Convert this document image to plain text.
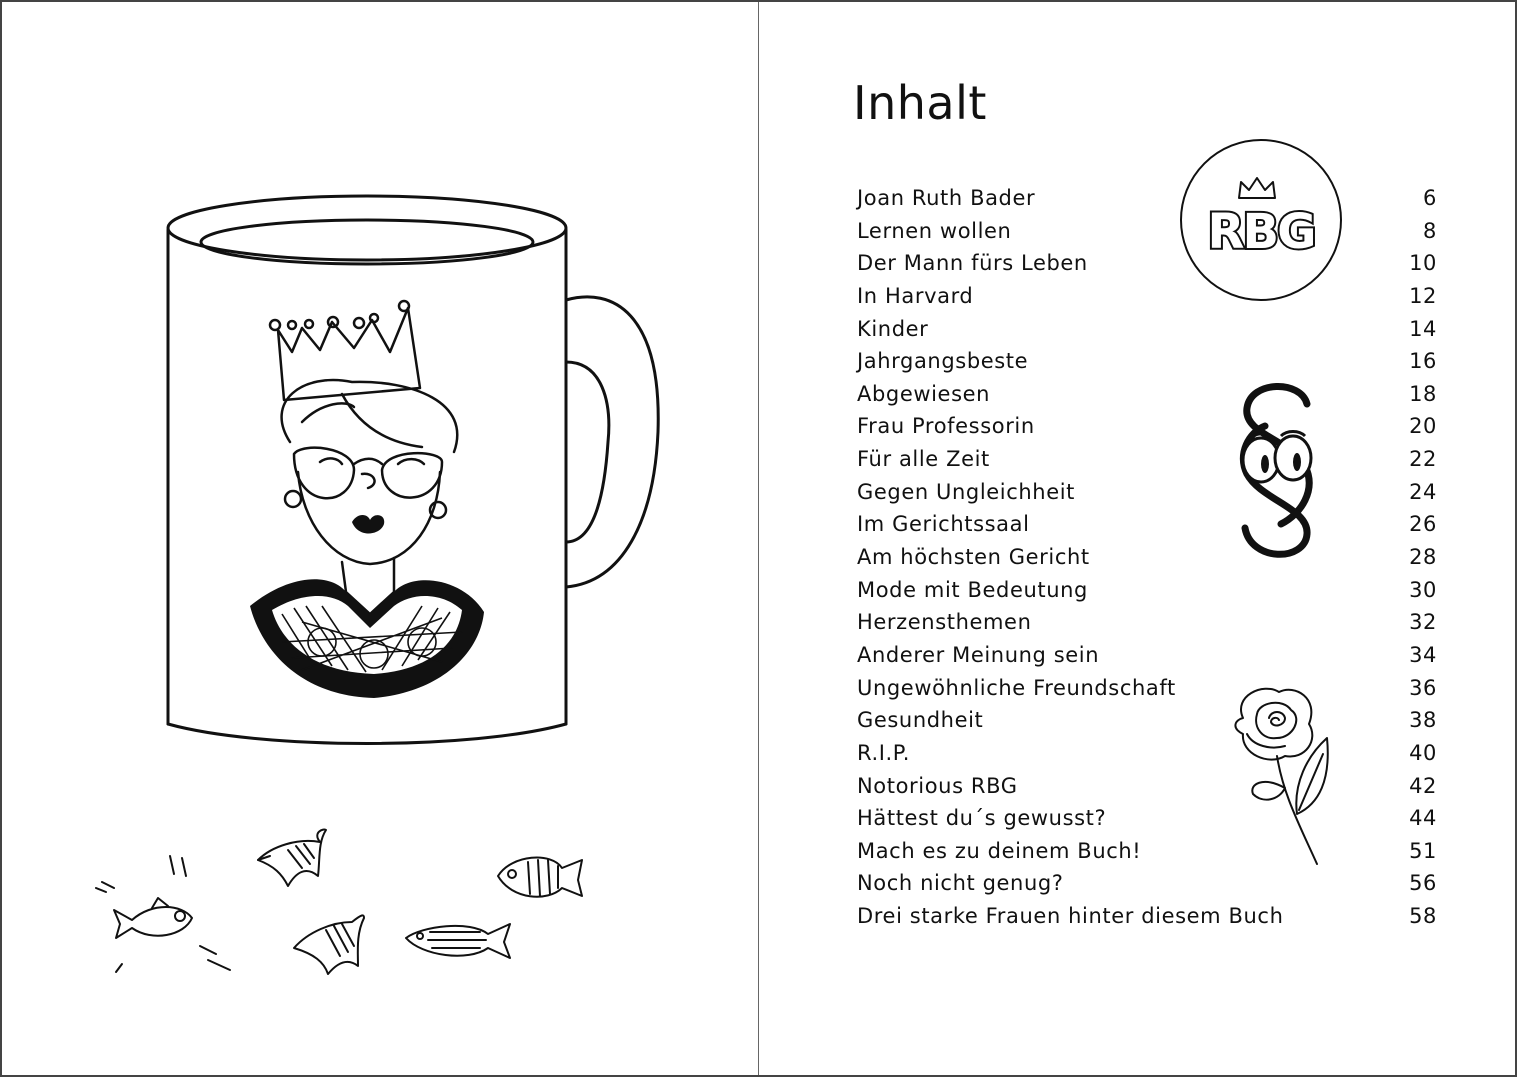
Inhalt
Joan Ruth Bader	6
Lernen wollen	8
Der Mann fürs Leben	10
In Harvard	12
Kinder	14
Jahrgangsbeste	16
Abgewiesen	18
Frau Professorin	20
Für alle Zeit	22
Gegen Ungleichheit	24
Im Gerichtssaal	26
Am höchsten Gericht	28
Mode mit Bedeutung	30
Herzensthemen	32
Anderer Meinung sein	34
Ungewöhnliche Freundschaft	36
Gesundheit	38
R.I.P.	40
Notorious RBG	42
Hättest du´s gewusst?	44
Mach es zu deinem Buch!	51
Noch nicht genug?	56
Drei starke Frauen hinter diesem Buch	58
RBG
